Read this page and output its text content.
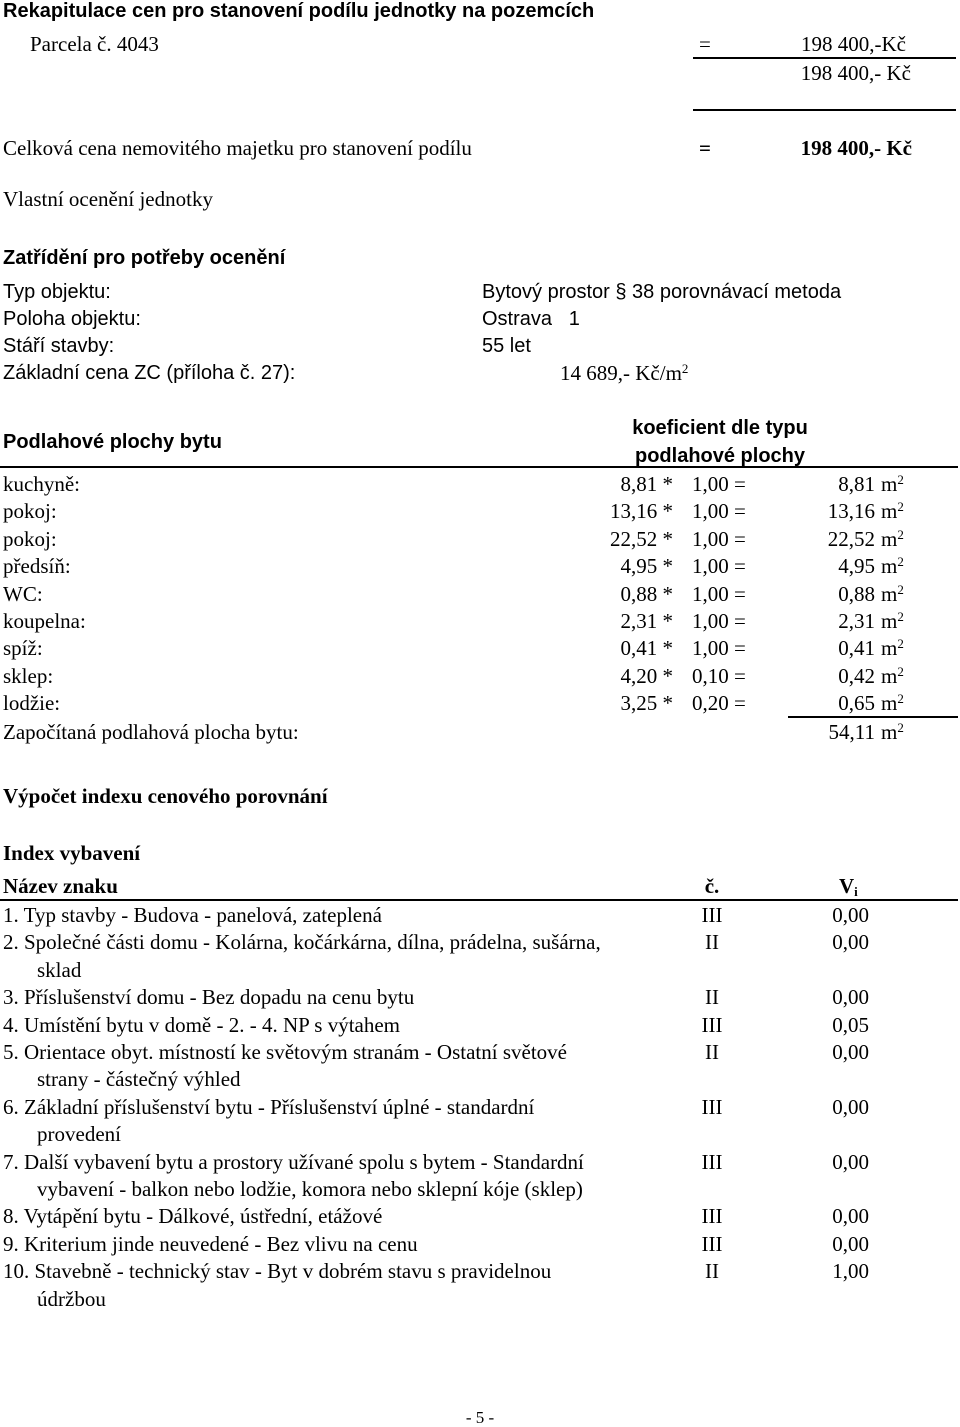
Rekapitulace cen pro stanovení podílu jednotky na pozemcích
Parcela č. 4043	=	198 400,-Kč
198 400,- Kč
Celková cena nemovitého majetku pro stanovení podílu	=	198 400,- Kč
Vlastní ocenění jednotky
Zatřídění pro potřeby ocenění
Typ objektu:	Bytový prostor § 38 porovnávací metoda
Poloha objektu:	Ostrava   1
Stáří stavby:	55 let
Základní cena ZC (příloha č. 27):	14 689,- $Kč/m^2$
Podlahové plochy bytu
koeficient dle typu
podlahové plochy
kuchyně:	8,81 * 1,00 =	8,81 $m^2$
pokoj:	13,16 * 1,00 =	13,16 $m^2$
pokoj:	22,52 * 1,00 =	22,52 $m^2$
předsíň:	4,95 * 1,00 =	4,95 $m^2$
WC:	0,88 * 1,00 =	0,88 $m^2$
koupelna:	2,31 * 1,00 =	2,31 $m^2$
spíž:	0,41 * 1,00 =	0,41 $m^2$
sklep:	4,20 * 0,10 =	0,42 $m^2$
lodžie:	3,25 * 0,20 =	0,65 $m^2$
Započítaná podlahová plocha bytu:	54,11 $m^2$
Výpočet indexu cenového porovnání
Index vybavení
Název znaku	č.	$V_i$
1. Typ stavby - Budova - panelová, zateplená	III	0,00
2. Společné části domu - Kolárna, kočárkárna, dílna, prádelna, sušárna,
sklad
II	0,00
3. Příslušenství domu - Bez dopadu na cenu bytu	II	0,00
4. Umístění bytu v domě - 2. - 4. NP s výtahem	III	0,05
5. Orientace obyt. místností ke světovým stranám - Ostatní světové
strany - částečný výhled
II	0,00
6. Základní příslušenství bytu - Příslušenství úplné - standardní
provedení
III	0,00
7. Další vybavení bytu a prostory užívané spolu s bytem - Standardní
vybavení - balkon nebo lodžie, komora nebo sklepní kóje (sklep)
III	0,00
8. Vytápění bytu - Dálkové, ústřední, etážové	III	0,00
9. Kriterium jinde neuvedené - Bez vlivu na cenu	III	0,00
10. Stavebně - technický stav - Byt v dobrém stavu s pravidelnou
údržbou
II	1,00
- 5 -
